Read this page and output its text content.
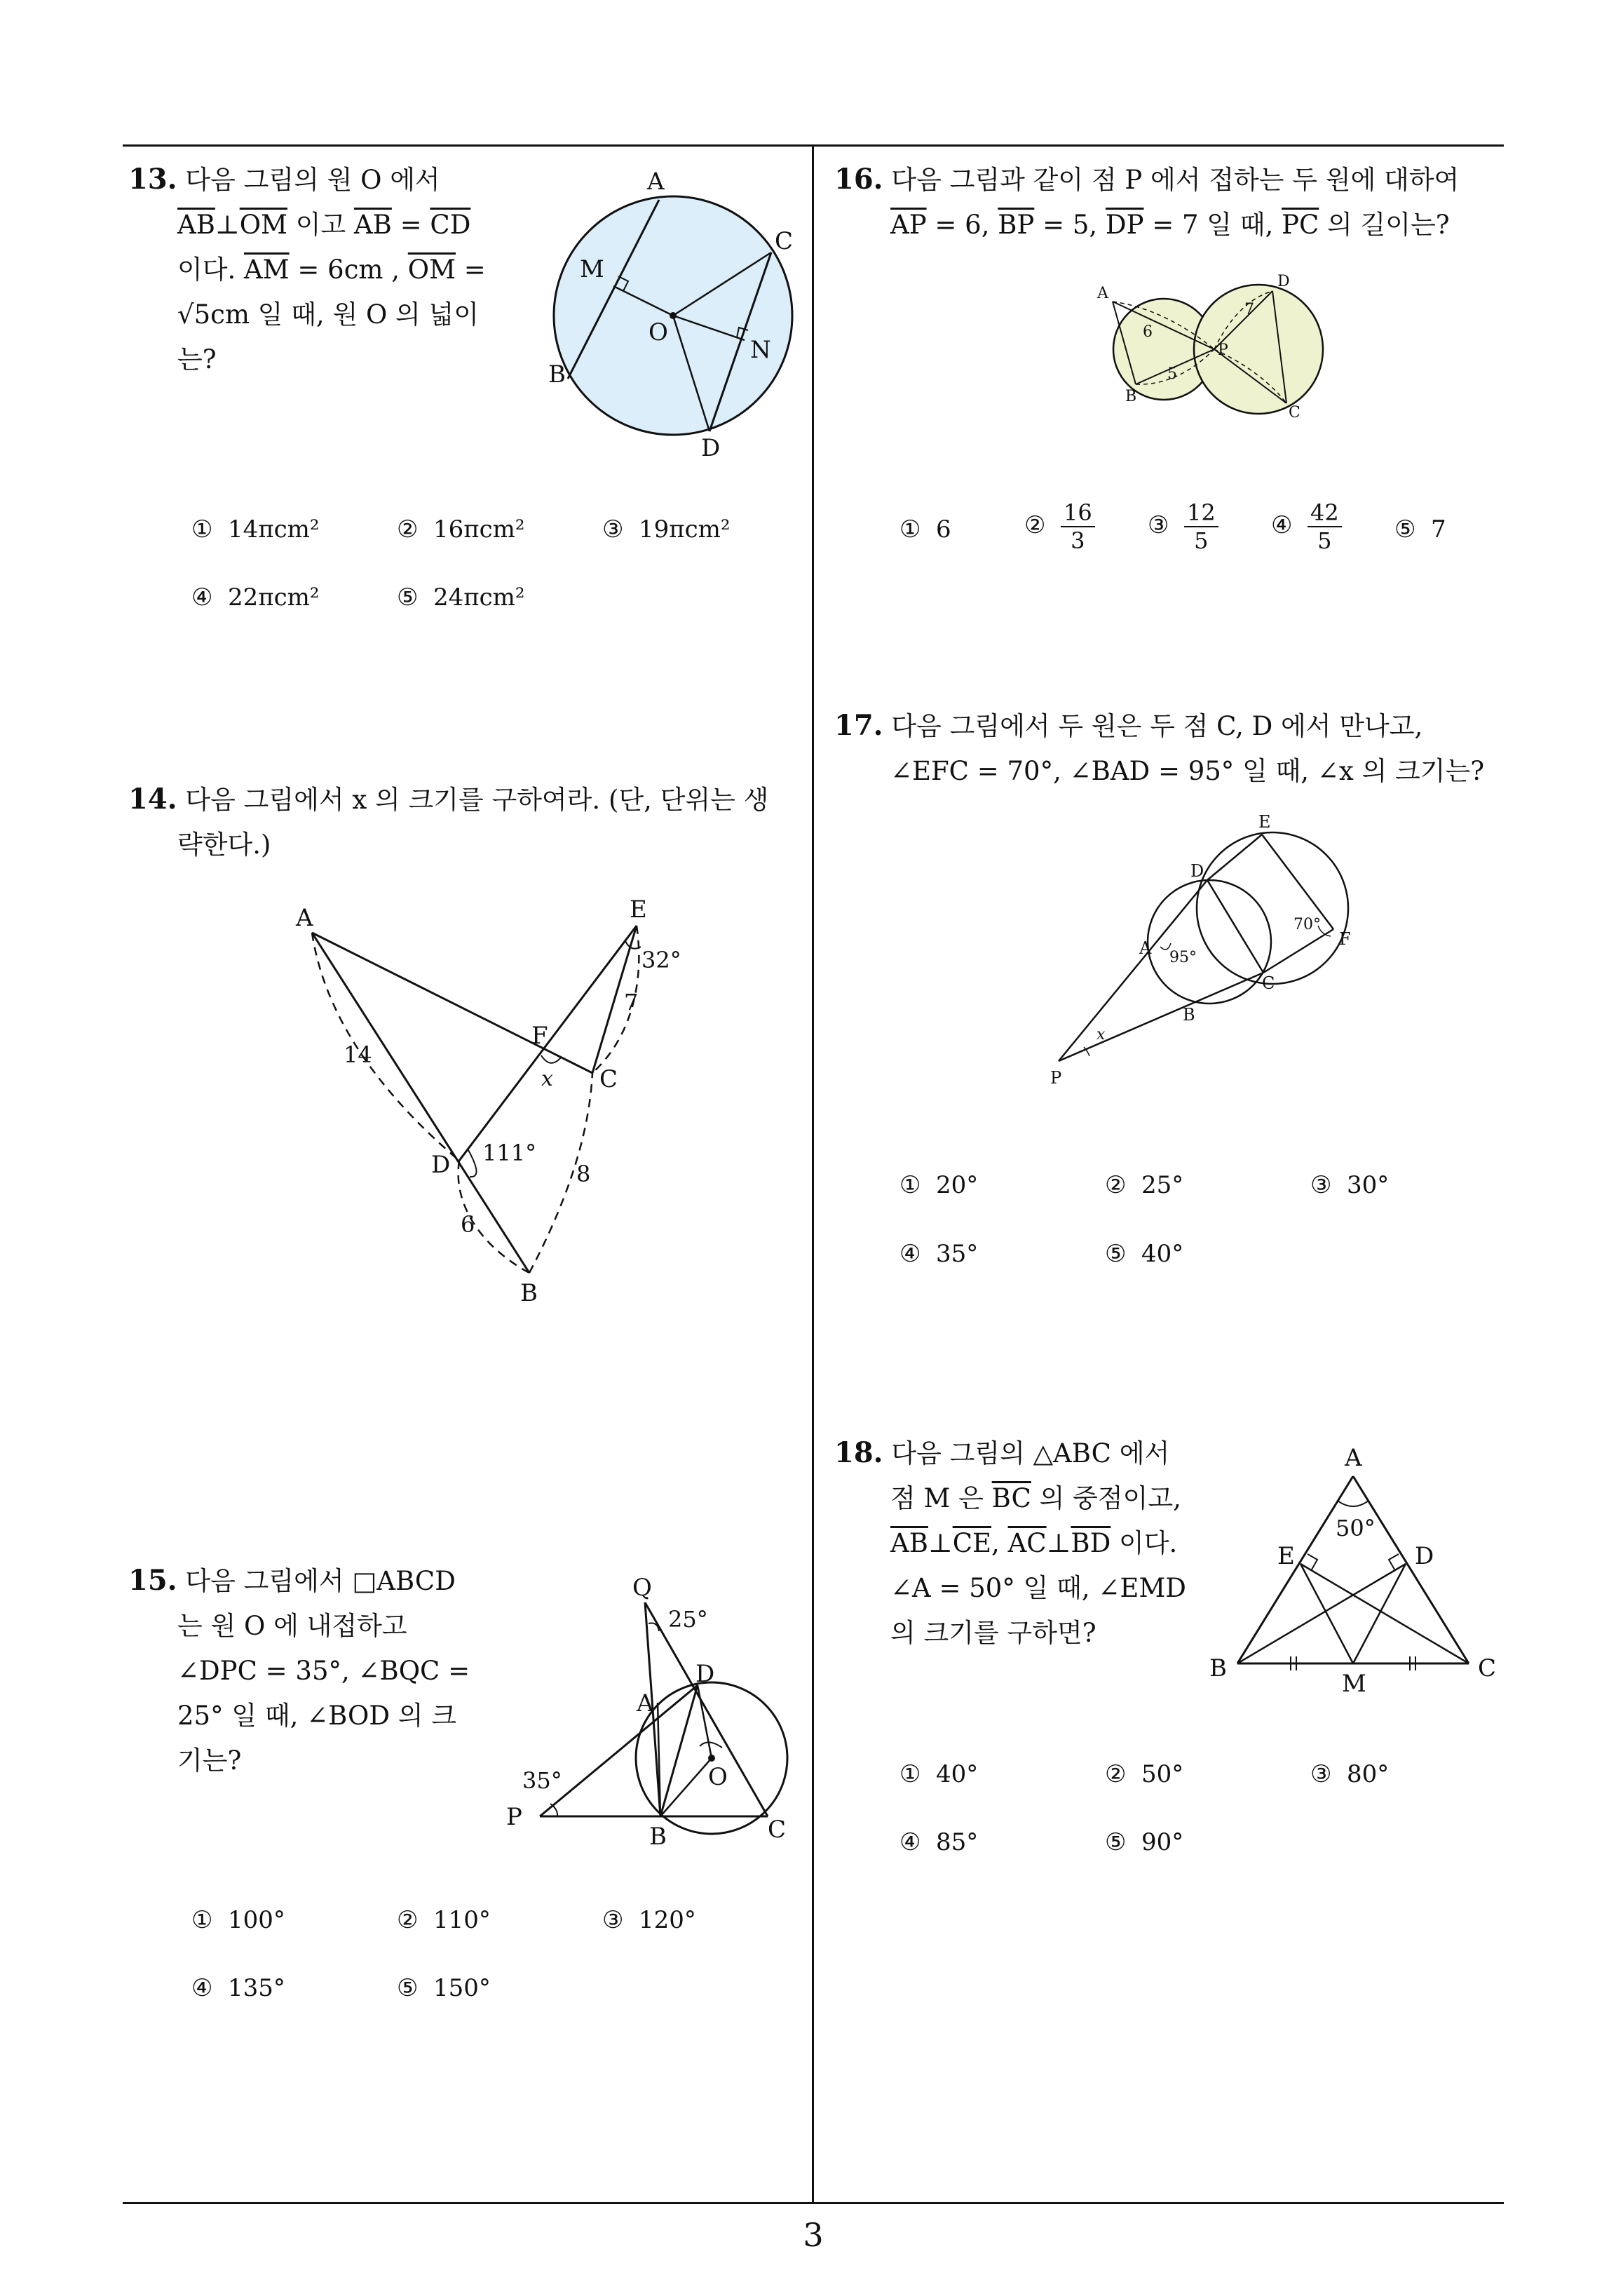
3
13. 다음 그림의 원 O 에서
$\overline{AB}\perp\overline{OM}$ 이고 $\overline{AB} = \overline{CD}$
이다. $\overline{AM} = 6cm$ , $\overline{OM}$ =
√5cm 일 때, 원 O 의 넓이
는?
A
C
M
O
N
B
D
① 14πcm²	② 16πcm²	③ 19πcm²
④ 22πcm²	⑤ 24πcm²
14. 다음 그림에서 x 의 크기를 구하여라. (단, 단위는 생
략한다.)
A	E
32°
7
F
14
x C
111°
D	8
6
B
15. 다음 그림에서 □ABCD
는 원 O 에 내접하고
∠DPC = 35°, ∠BQC =
25° 일 때, ∠BOD 의 크
기는?
Q
25°
D
A
O
35°
P
B	C
① 100°	② 110°	③ 120°
④ 135°	⑤ 150°
16. 다음 그림과 같이 점 P 에서 접하는 두 원에 대하여
$\overline{AP} = 6$, $\overline{BP} = 5$, $\overline{DP} = 7$ 일 때, $\overline{PC}$ 의 길이는?
A
D
P
B
C
6
5
7
① 6	② $\frac{16}{3}$ ③ $\frac{12}{5}$ ④ $\frac{42}{5}$ ⑤ 7
17. 다음 그림에서 두 원은 두 점 C, D 에서 만나고,
∠EFC = 70°, ∠BAD = 95° 일 때, ∠x 의 크기는?
E
D
70°
F
A 95°
C
B
x
P
① 20°	② 25°	③ 30°
④ 35°	⑤ 40°
18. 다음 그림의 △ABC 에서
점 M 은 $\overline{BC}$ 의 중점이고,
$\overline{AB}\perp\overline{CE}$, $\overline{AC}\perp\overline{BD}$ 이다.
∠A = 50° 일 때, ∠EMD
의 크기를 구하면?
A
50°
E	D
B
M
C
① 40°	② 50°	③ 80°
④ 85°	⑤ 90°
